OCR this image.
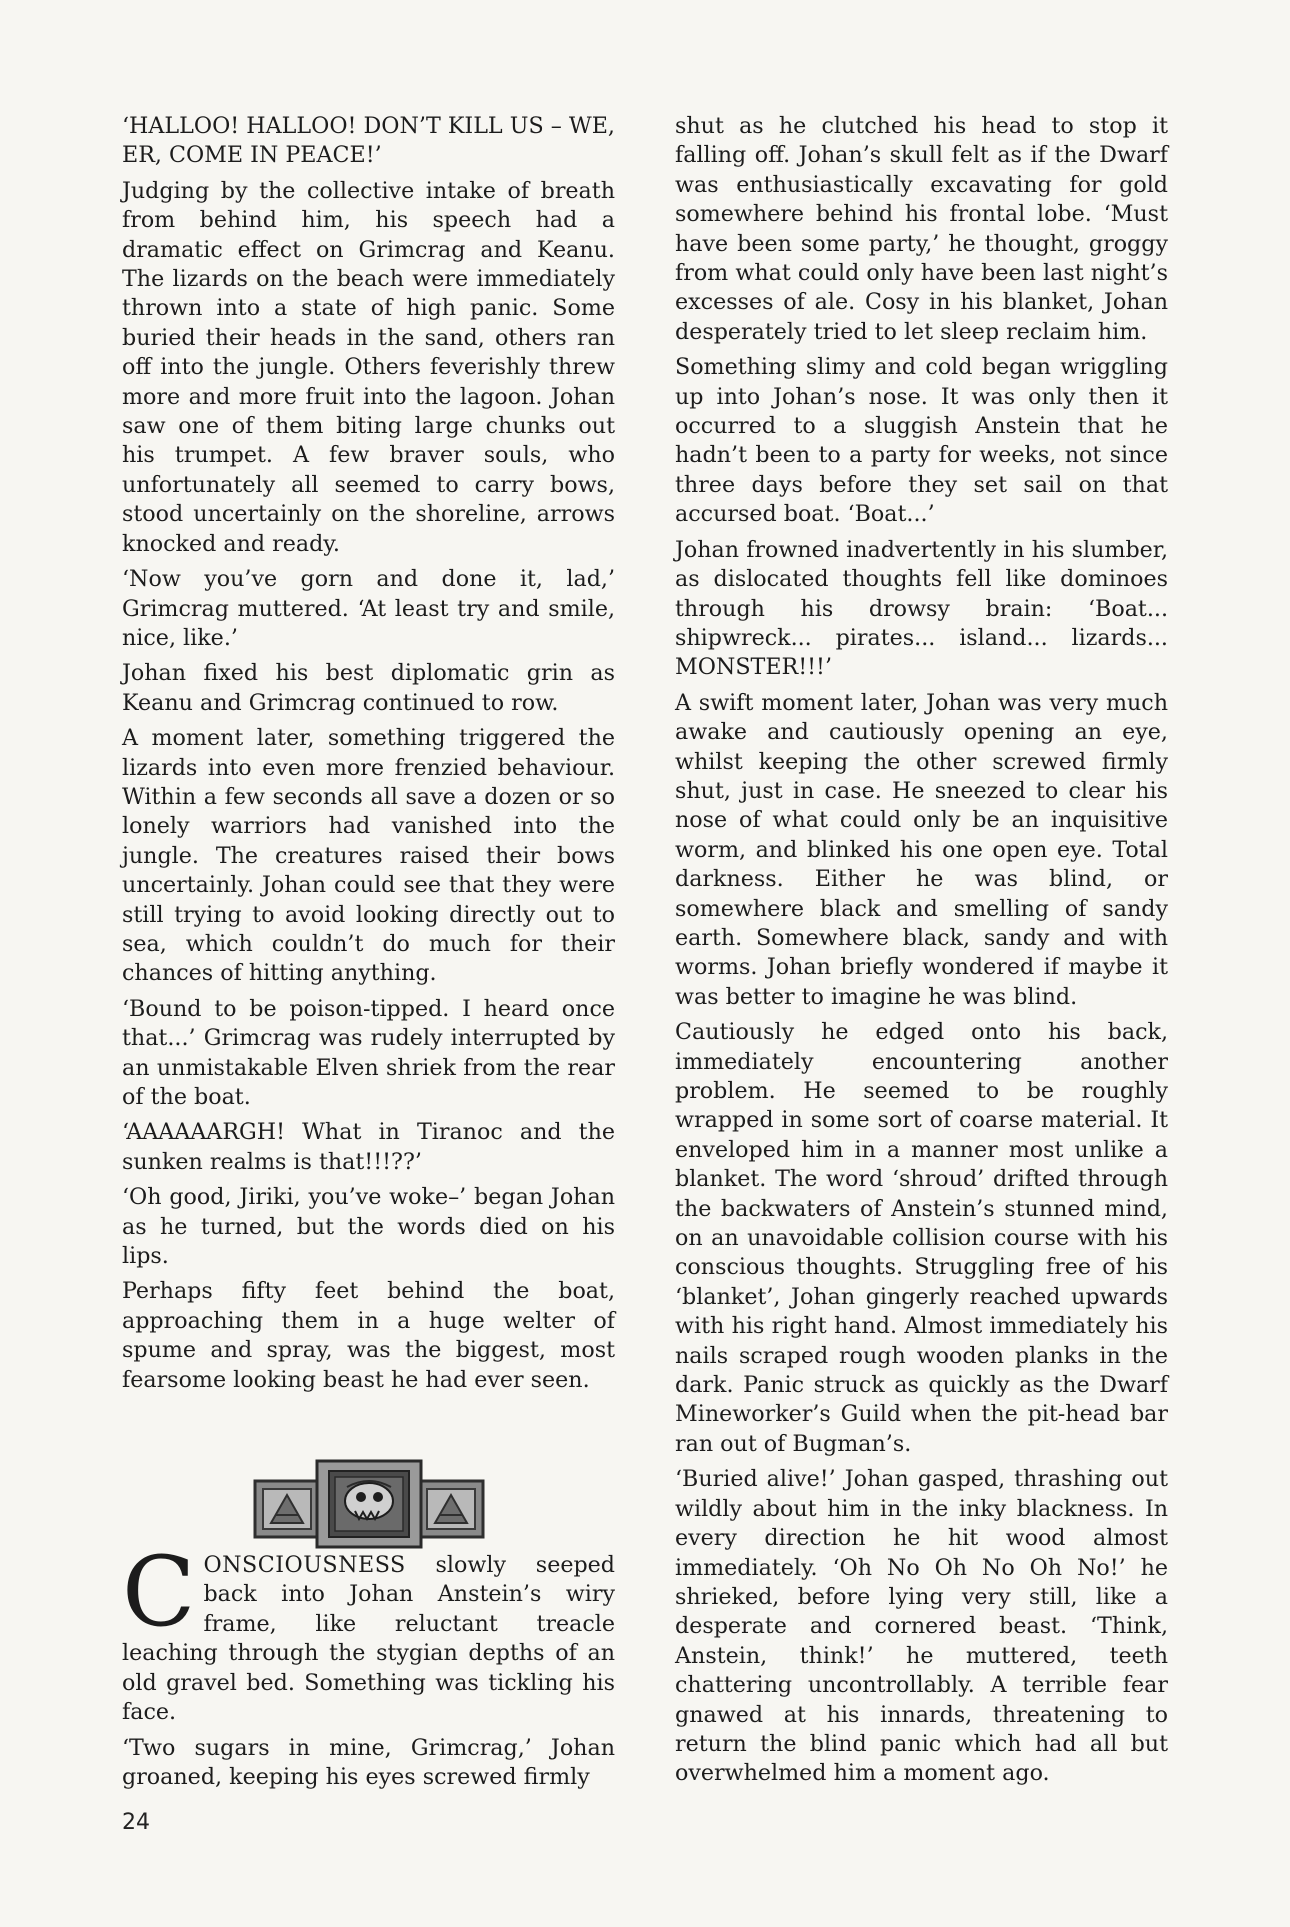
‘HALLOO! HALLOO! DON’T KILL US – WE, ER, COME IN PEACE!’

Judging by the collective intake of breath from behind him, his speech had a dramatic effect on Grimcrag and Keanu. The lizards on the beach were immediately thrown into a state of high panic. Some buried their heads in the sand, others ran off into the jungle. Others feverishly threw more and more fruit into the lagoon. Johan saw one of them biting large chunks out his trumpet. A few braver souls, who unfortunately all seemed to carry bows, stood uncertainly on the shoreline, arrows knocked and ready.

‘Now you’ve gorn and done it, lad,’ Grimcrag muttered. ‘At least try and smile, nice, like.’

Johan fixed his best diplomatic grin as Keanu and Grimcrag continued to row.

A moment later, something triggered the lizards into even more frenzied behaviour. Within a few seconds all save a dozen or so lonely warriors had vanished into the jungle. The creatures raised their bows uncertainly. Johan could see that they were still trying to avoid looking directly out to sea, which couldn’t do much for their chances of hitting anything.

‘Bound to be poison-tipped. I heard once that...’ Grimcrag was rudely interrupted by an unmistakable Elven shriek from the rear of the boat.

‘AAAAAARGH! What in Tiranoc and the sunken realms is that!!!??’

‘Oh good, Jiriki, you’ve woke–’ began Johan as he turned, but the words died on his lips.

Perhaps fifty feet behind the boat, approaching them in a huge welter of spume and spray, was the biggest, most fearsome looking beast he had ever seen.

CONSCIOUSNESS slowly seeped back into Johan Anstein’s wiry frame, like reluctant treacle leaching through the stygian depths of an old gravel bed. Something was tickling his face.

‘Two sugars in mine, Grimcrag,’ Johan groaned, keeping his eyes screwed firmly

shut as he clutched his head to stop it falling off. Johan’s skull felt as if the Dwarf was enthusiastically excavating for gold somewhere behind his frontal lobe. ‘Must have been some party,’ he thought, groggy from what could only have been last night’s excesses of ale. Cosy in his blanket, Johan desperately tried to let sleep reclaim him.

Something slimy and cold began wriggling up into Johan’s nose. It was only then it occurred to a sluggish Anstein that he hadn’t been to a party for weeks, not since three days before they set sail on that accursed boat. ‘Boat...’

Johan frowned inadvertently in his slumber, as dislocated thoughts fell like dominoes through his drowsy brain: ‘Boat... shipwreck... pirates... island... lizards... MONSTER!!!’

A swift moment later, Johan was very much awake and cautiously opening an eye, whilst keeping the other screwed firmly shut, just in case. He sneezed to clear his nose of what could only be an inquisitive worm, and blinked his one open eye. Total darkness. Either he was blind, or somewhere black and smelling of sandy earth. Somewhere black, sandy and with worms. Johan briefly wondered if maybe it was better to imagine he was blind.

Cautiously he edged onto his back, immediately encountering another problem. He seemed to be roughly wrapped in some sort of coarse material. It enveloped him in a manner most unlike a blanket. The word ‘shroud’ drifted through the backwaters of Anstein’s stunned mind, on an unavoidable collision course with his conscious thoughts. Struggling free of his ‘blanket’, Johan gingerly reached upwards with his right hand. Almost immediately his nails scraped rough wooden planks in the dark. Panic struck as quickly as the Dwarf Mineworker’s Guild when the pit-head bar ran out of Bugman’s.

‘Buried alive!’ Johan gasped, thrashing out wildly about him in the inky blackness. In every direction he hit wood almost immediately. ‘Oh No Oh No Oh No!’ he shrieked, before lying very still, like a desperate and cornered beast. ‘Think, Anstein, think!’ he muttered, teeth chattering uncontrollably. A terrible fear gnawed at his innards, threatening to return the blind panic which had all but overwhelmed him a moment ago.

24
